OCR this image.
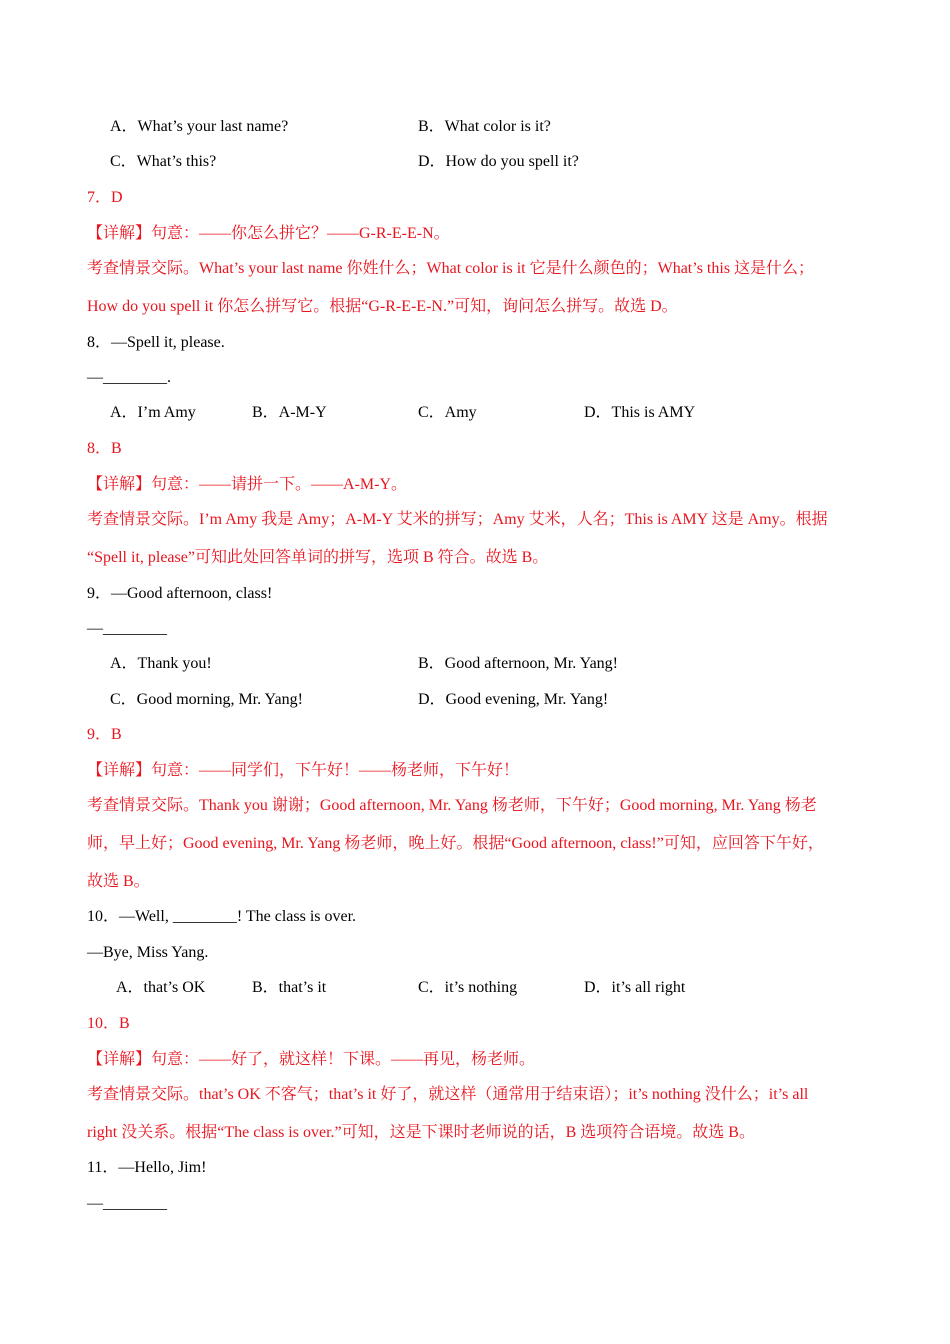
A．What’s your last name?	B．What color is it?
C．What’s this?	D．How do you spell it?
7．D
【详解】句意：——你怎么拼它？——G-R-E-E-N。
考查情景交际。What’s your last name 你姓什么；What color is it 它是什么颜色的；What’s this 这是什么；
How do you spell it 你怎么拼写它。根据“G-R-E-E-N.”可知，询问怎么拼写。故选 D。
8．—Spell it, please.
—________.
A．I’m Amy	B．A-M-Y	C．Amy	D．This is AMY
8．B
【详解】句意：——请拼一下。——A-M-Y。
考查情景交际。I’m Amy 我是 Amy；A-M-Y 艾米的拼写；Amy 艾米，人名；This is AMY 这是 Amy。根据
“Spell it, please”可知此处回答单词的拼写，选项 B 符合。故选 B。
9．—Good afternoon, class!
—________
A．Thank you!	B．Good afternoon, Mr. Yang!
C．Good morning, Mr. Yang!	D．Good evening, Mr. Yang!
9．B
【详解】句意：——同学们，下午好！——杨老师，下午好！
考查情景交际。Thank you 谢谢；Good afternoon, Mr. Yang 杨老师，下午好；Good morning, Mr. Yang 杨老
师，早上好；Good evening, Mr. Yang 杨老师，晚上好。根据“Good afternoon, class!”可知，应回答下午好，
故选 B。
10．—Well, ________! The class is over.
—Bye, Miss Yang.
A．that’s OK	B．that’s it	C．it’s nothing	D．it’s all right
10．B
【详解】句意：——好了，就这样！下课。——再见，杨老师。
考查情景交际。that’s OK 不客气；that’s it 好了，就这样（通常用于结束语）；it’s nothing 没什么；it’s all
right 没关系。根据“The class is over.”可知，这是下课时老师说的话，B 选项符合语境。故选 B。
11．—Hello, Jim!
—________
